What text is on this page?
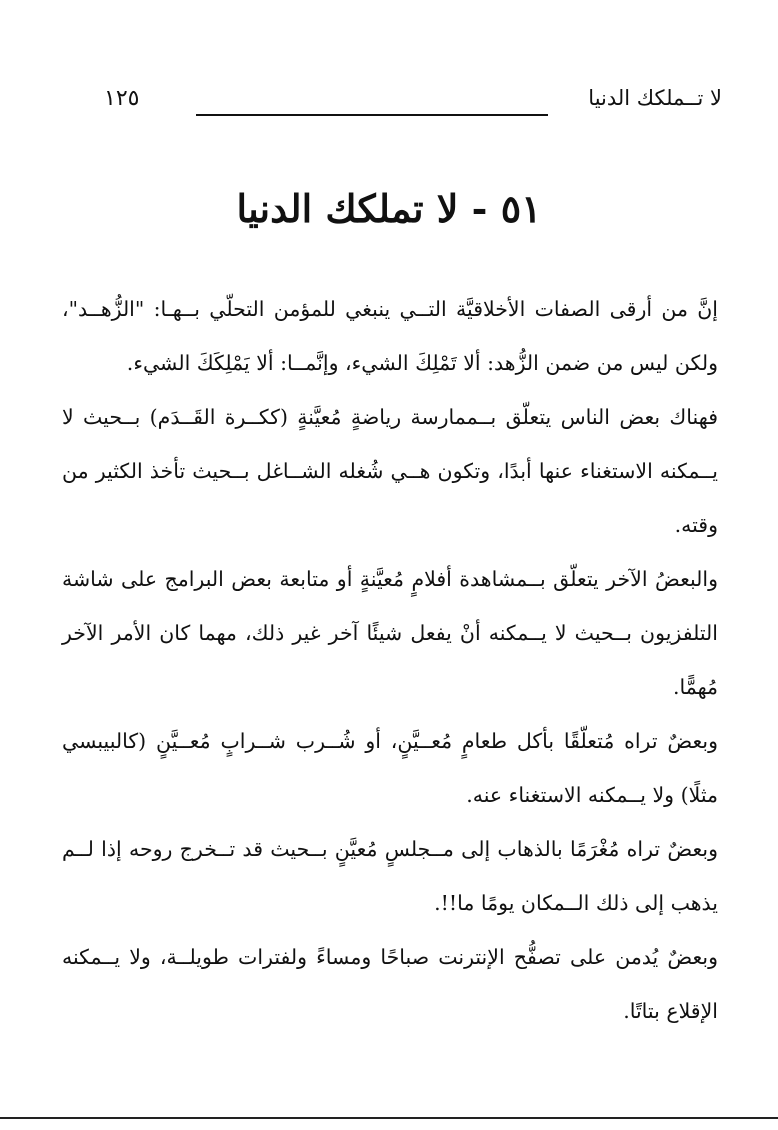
لا تــملكك الدنيا
١٢٥
٥١ - لا تملكك الدنيا

إنَّ من أرقى الصفات الأخلاقيَّة التــي ينبغي للمؤمن التحلّي بــهـا: "الزُّهــد"، ولكن ليس من ضمن الزُّهد: ألا تَمْلِكَ الشيء، وإنَّمــا: ألا يَمْلِكَكَ الشيء.

فهناك بعض الناس يتعلّق بــممارسة رياضةٍ مُعيَّنةٍ (ككــرة القَــدَم) بــحيث لا يــمكنه الاستغناء عنها أبدًا، وتكون هــي شُغله الشــاغل بــحيث تأخذ الكثير من وقته.

والبعضُ الآخر يتعلّق بــمشاهدة أفلامٍ مُعيَّنةٍ أو متابعة بعض البرامج على شاشة التلفزيون بــحيث لا يــمكنه أنْ يفعل شيئًا آخر غير ذلك، مهما كان الأمر الآخر مُهمًّا.

وبعضٌ تراه مُتعلّقًا بأكل طعامٍ مُعــيَّنٍ، أو شُــرب شــرابٍ مُعــيَّنٍ (كالبيبسي مثلًا) ولا يــمكنه الاستغناء عنه.

وبعضٌ تراه مُغْرَمًا بالذهاب إلى مــجلسٍ مُعيَّنٍ بــحيث قد تــخرج روحه إذا لــم يذهب إلى ذلك الــمكان يومًا ما!!.

وبعضٌ يُدمن على تصفُّح الإنترنت صباحًا ومساءً ولفترات طويلــة، ولا يــمكنه الإقلاع بتاتًا.
